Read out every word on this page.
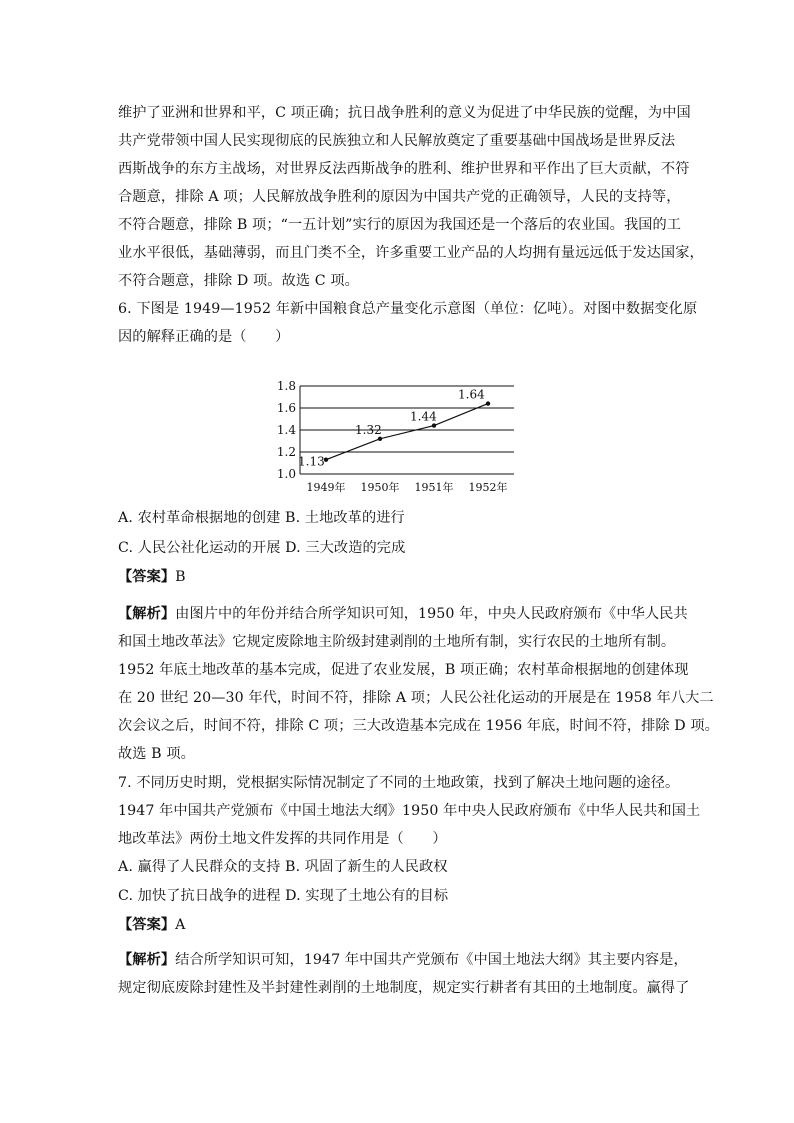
维护了亚洲和世界和平，C 项正确；抗日战争胜利的意义为促进了中华民族的觉醒，为中国
共产党带领中国人民实现彻底的民族独立和人民解放奠定了重要基础中国战场是世界反法
西斯战争的东方主战场，对世界反法西斯战争的胜利、维护世界和平作出了巨大贡献，不符
合题意，排除 A 项；人民解放战争胜利的原因为中国共产党的正确领导，人民的支持等，
不符合题意，排除 B 项；“一五计划”实行的原因为我国还是一个落后的农业国。我国的工
业水平很低，基础薄弱，而且门类不全，许多重要工业产品的人均拥有量远远低于发达国家，
不符合题意，排除 D 项。故选 C 项。
6. 下图是 1949—1952 年新中国粮食总产量变化示意图（单位：亿吨）。对图中数据变化原
因的解释正确的是（　　）
1.0
1.2
1.4
1.6
1.8
1949年 1950年 1951年 1952年
1.13
1.32
1.44
1.64
A. 农村革命根据地的创建 B. 土地改革的进行
C. 人民公社化运动的开展 D. 三大改造的完成
【答案】B
【解析】由图片中的年份并结合所学知识可知，1950 年，中央人民政府颁布《中华人民共
和国土地改革法》它规定废除地主阶级封建剥削的土地所有制，实行农民的土地所有制。
1952 年底土地改革的基本完成，促进了农业发展，B 项正确；农村革命根据地的创建体现
在 20 世纪 20—30 年代，时间不符，排除 A 项；人民公社化运动的开展是在 1958 年八大二
次会议之后，时间不符，排除 C 项；三大改造基本完成在 1956 年底，时间不符，排除 D 项。
故选 B 项。
7. 不同历史时期，党根据实际情况制定了不同的土地政策，找到了解决土地问题的途径。
1947 年中国共产党颁布《中国土地法大纲》1950 年中央人民政府颁布《中华人民共和国土
地改革法》两份土地文件发挥的共同作用是（　　）
A. 赢得了人民群众的支持 B. 巩固了新生的人民政权
C. 加快了抗日战争的进程 D. 实现了土地公有的目标
【答案】A
【解析】结合所学知识可知，1947 年中国共产党颁布《中国土地法大纲》其主要内容是，
规定彻底废除封建性及半封建性剥削的土地制度，规定实行耕者有其田的土地制度。赢得了
